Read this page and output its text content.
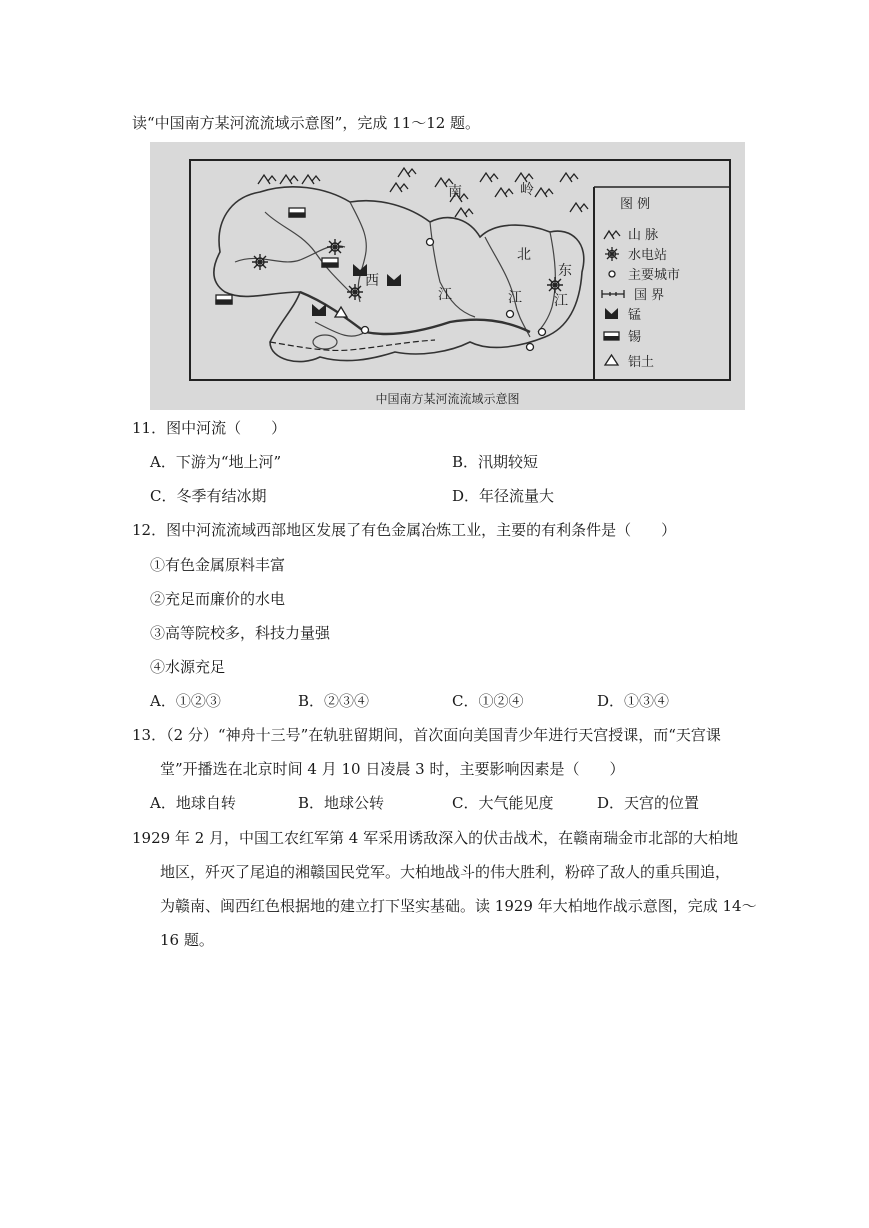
读“中国南方某河流流域示意图”，完成 11～12 题。
南	岭
西
江
北
江
东
江
图 例
山 脉
水电站
主要城市
国 界
锰
锡
铝土
中国南方某河流流域示意图
11．图中河流（　　）
A．下游为“地上河”	B．汛期较短
C．冬季有结冰期	D．年径流量大
12．图中河流流域西部地区发展了有色金属冶炼工业，主要的有利条件是（　　）
①有色金属原料丰富
②充足而廉价的水电
③高等院校多，科技力量强
④水源充足
A．①②③	B．②③④	C．①②④	D．①③④
13．（2 分）“神舟十三号”在轨驻留期间，首次面向美国青少年进行天宫授课，而“天宫课
堂”开播选在北京时间 4 月 10 日凌晨 3 时，主要影响因素是（　　）
A．地球自转	B．地球公转	C．大气能见度	D．天宫的位置
1929 年 2 月，中国工农红军第 4 军采用诱敌深入的伏击战术，在赣南瑞金市北部的大柏地
地区，歼灭了尾追的湘赣国民党军。大柏地战斗的伟大胜利，粉碎了敌人的重兵围追，
为赣南、闽西红色根据地的建立打下坚实基础。读 1929 年大柏地作战示意图，完成 14～
16 题。
